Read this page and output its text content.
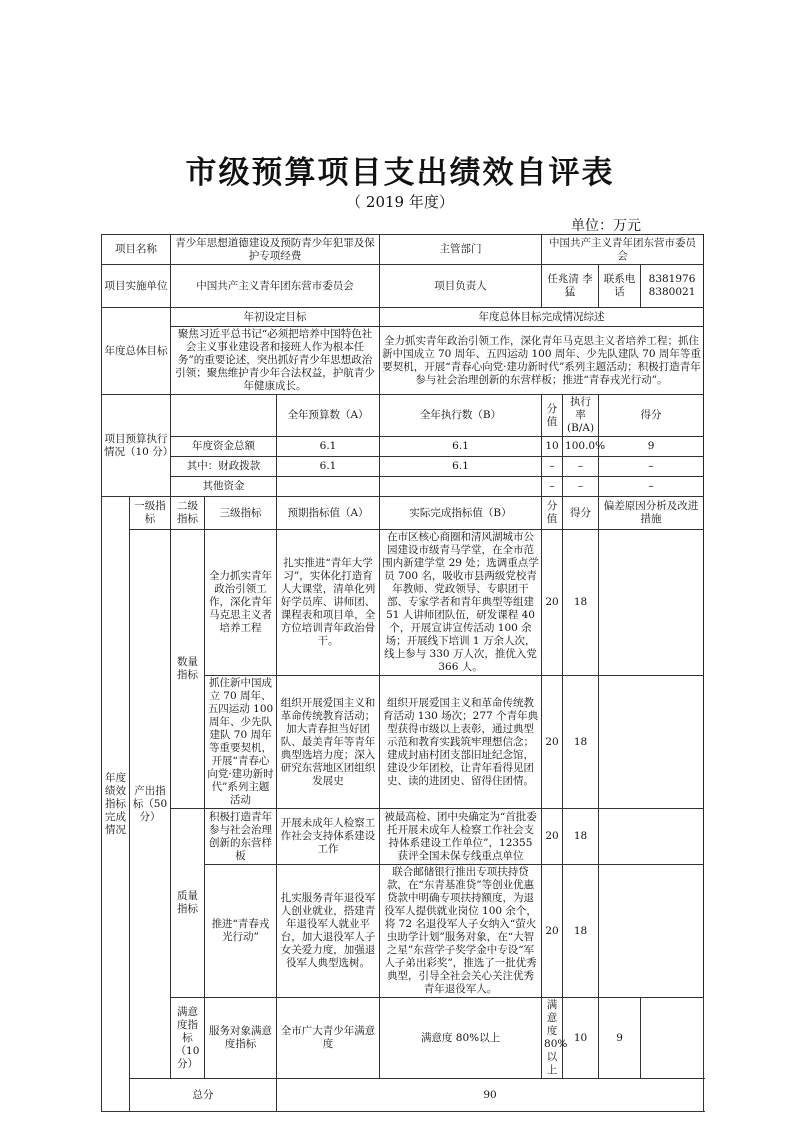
市级预算项目支出绩效自评表
（ 2019 年度）
单位：万元
项目名称		青少年思想道德建设及预防青少年犯罪及保护专项经费			主管部门	中国共产主义青年团东营市委员会			
项目实施单位		中国共产主义青年团东营市委员会			项目负责人	任兆清 李 猛		联系电话	8381976 8380021
年度总体目标		年初设定目标			年度总体目标完成情况综述				
		聚焦习近平总书记“必须把培养中国特色社会主义事业建设者和接班人作为根本任务”的重要论述，突出抓好青少年思想政治引领；聚焦维护青少年合法权益，护航青少年健康成长。			全力抓实青年政治引领工作，深化青年马克思主义者培养工程；抓住新中国成立 70 周年、五四运动 100 周年、少先队建队 70 周年等重要契机，开展“青春心向党·建功新时代”系列主题活动；积极打造青年参与社会治理创新的东营样板；推进“青春戎光行动”。				
项目预算执行情况（10 分）				全年预算数（A）	全年执行数（B）	分值	执行率(B/A)	得分	
		年度资金总额		6.1	6.1	10	100.0%	9	
		其中：财政拨款		6.1	6.1	–	–	–	
		其他资金				–	–	–	
年度绩效指标完成情况	一级指标	二级指标	三级指标	预期指标值（A）	实际完成指标值（B）	分值	得分	偏差原因分析及改进措施	
	产出指标（50分）	数量指标	全力抓实青年政治引领工作，深化青年马克思主义者培养工程	扎实推进“青年大学习”，实体化打造育人大课堂，清单化列好学员库、讲师团、课程表和项目单，全方位培训青年政治骨干。	在市区核心商圈和清风湖城市公园建设市级青马学堂，在全市范围内新建学堂 29 处；选调重点学员 700 名，吸收市县两级党校青年教师、党政领导、专职团干部、专家学者和青年典型等组建 51 人讲师团队伍，研发课程 40 个，开展宣讲宣传活动 100 余场；开展线下培训 1 万余人次，线上参与 330 万人次，推优入党 366 人。	20	18		
			抓住新中国成立 70 周年、五四运动 100 周年、少先队建队 70 周年等重要契机，开展“青春心向党·建功新时代”系列主题活动	组织开展爱国主义和革命传统教育活动；加大青春担当好团队、最美青年等青年典型选培力度；深入研究东营地区团组织发展史	组织开展爱国主义和革命传统教育活动 130 场次；277 个青年典型获得市级以上表彰，通过典型示范和教育实践筑牢理想信念；建成封庙村团支部旧址纪念馆，建设少年团校，让青年看得见团史、读的进团史、留得住团情。	20	18		
		质量指标	积极打造青年参与社会治理创新的东营样板	开展未成年人检察工作社会支持体系建设工作	被最高检、团中央确定为“首批委托开展未成年人检察工作社会支持体系建设工作单位”，12355 获评全国未保专线重点单位	20	18		
			推进“青春戎光行动”	扎实服务青年退役军人创业就业，搭建青年退役军人就业平台，加大退役军人子女关爱力度，加强退役军人典型选树。	联合邮储银行推出专项扶持贷款，在“东青基准贷”等创业优惠贷款中明确专项扶持额度，为退役军人提供就业岗位 100 余个，将 72 名退役军人子女纳入“萤火虫助学计划”服务对象，在“大智之星”东营学子奖学金中专设“军人子弟出彩奖”，推选了一批优秀典型，引导全社会关心关注优秀青年退役军人。	20	18		
		满意度指标（10 分）	服务对象满意度指标	全市广大青少年满意度	满意度 80%以上	满意度 80%以上	10	9	
	总分			90					
